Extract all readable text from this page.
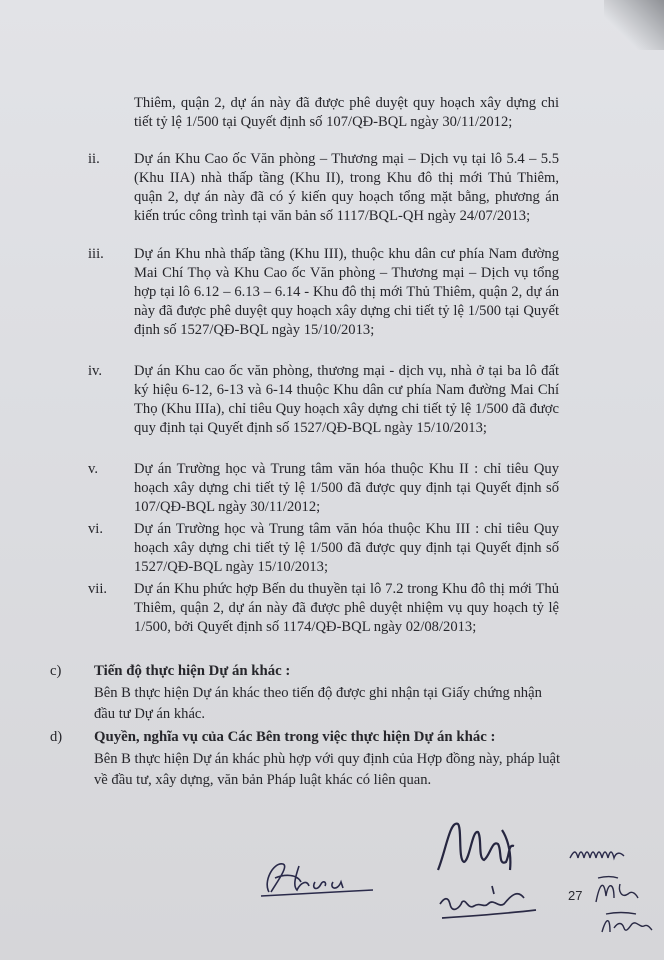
Thiêm, quận 2, dự án này đã được phê duyệt quy hoạch xây dựng chi tiết tỷ lệ 1/500 tại Quyết định số 107/QĐ-BQL ngày 30/11/2012;

ii. Dự án Khu Cao ốc Văn phòng – Thương mại – Dịch vụ tại lô 5.4 – 5.5 (Khu IIA) nhà thấp tầng (Khu II), trong Khu đô thị mới Thủ Thiêm, quận 2, dự án này đã có ý kiến quy hoạch tổng mặt bằng, phương án kiến trúc công trình tại văn bản số 1117/BQL-QH ngày 24/07/2013;
iii. Dự án Khu nhà thấp tầng (Khu III), thuộc khu dân cư phía Nam đường Mai Chí Thọ và Khu Cao ốc Văn phòng – Thương mại – Dịch vụ tổng hợp tại lô 6.12 – 6.13 – 6.14 - Khu đô thị mới Thủ Thiêm, quận 2, dự án này đã được phê duyệt quy hoạch xây dựng chi tiết tỷ lệ 1/500 tại Quyết định số 1527/QĐ-BQL ngày 15/10/2013;
iv. Dự án Khu cao ốc văn phòng, thương mại - dịch vụ, nhà ở tại ba lô đất ký hiệu 6-12, 6-13 và 6-14 thuộc Khu dân cư phía Nam đường Mai Chí Thọ (Khu IIIa), chỉ tiêu Quy hoạch xây dựng chi tiết tỷ lệ 1/500 đã được quy định tại Quyết định số 1527/QĐ-BQL ngày 15/10/2013;
v. Dự án Trường học và Trung tâm văn hóa thuộc Khu II : chỉ tiêu Quy hoạch xây dựng chi tiết tỷ lệ 1/500 đã được quy định tại Quyết định số 107/QĐ-BQL ngày 30/11/2012;
vi. Dự án Trường học và Trung tâm văn hóa thuộc Khu III : chỉ tiêu Quy hoạch xây dựng chi tiết tỷ lệ 1/500 đã được quy định tại Quyết định số 1527/QĐ-BQL ngày 15/10/2013;
vii. Dự án Khu phức hợp Bến du thuyền tại lô 7.2 trong Khu đô thị mới Thủ Thiêm, quận 2, dự án này đã được phê duyệt nhiệm vụ quy hoạch tỷ lệ 1/500, bởi Quyết định số 1174/QĐ-BQL ngày 02/08/2013;
c) Tiến độ thực hiện Dự án khác :
Bên B thực hiện Dự án khác theo tiến độ được ghi nhận tại Giấy chứng nhận đầu tư Dự án khác.
d) Quyền, nghĩa vụ của Các Bên trong việc thực hiện Dự án khác :
Bên B thực hiện Dự án khác phù hợp với quy định của Hợp đồng này, pháp luật về đầu tư, xây dựng, văn bản Pháp luật khác có liên quan.
27
